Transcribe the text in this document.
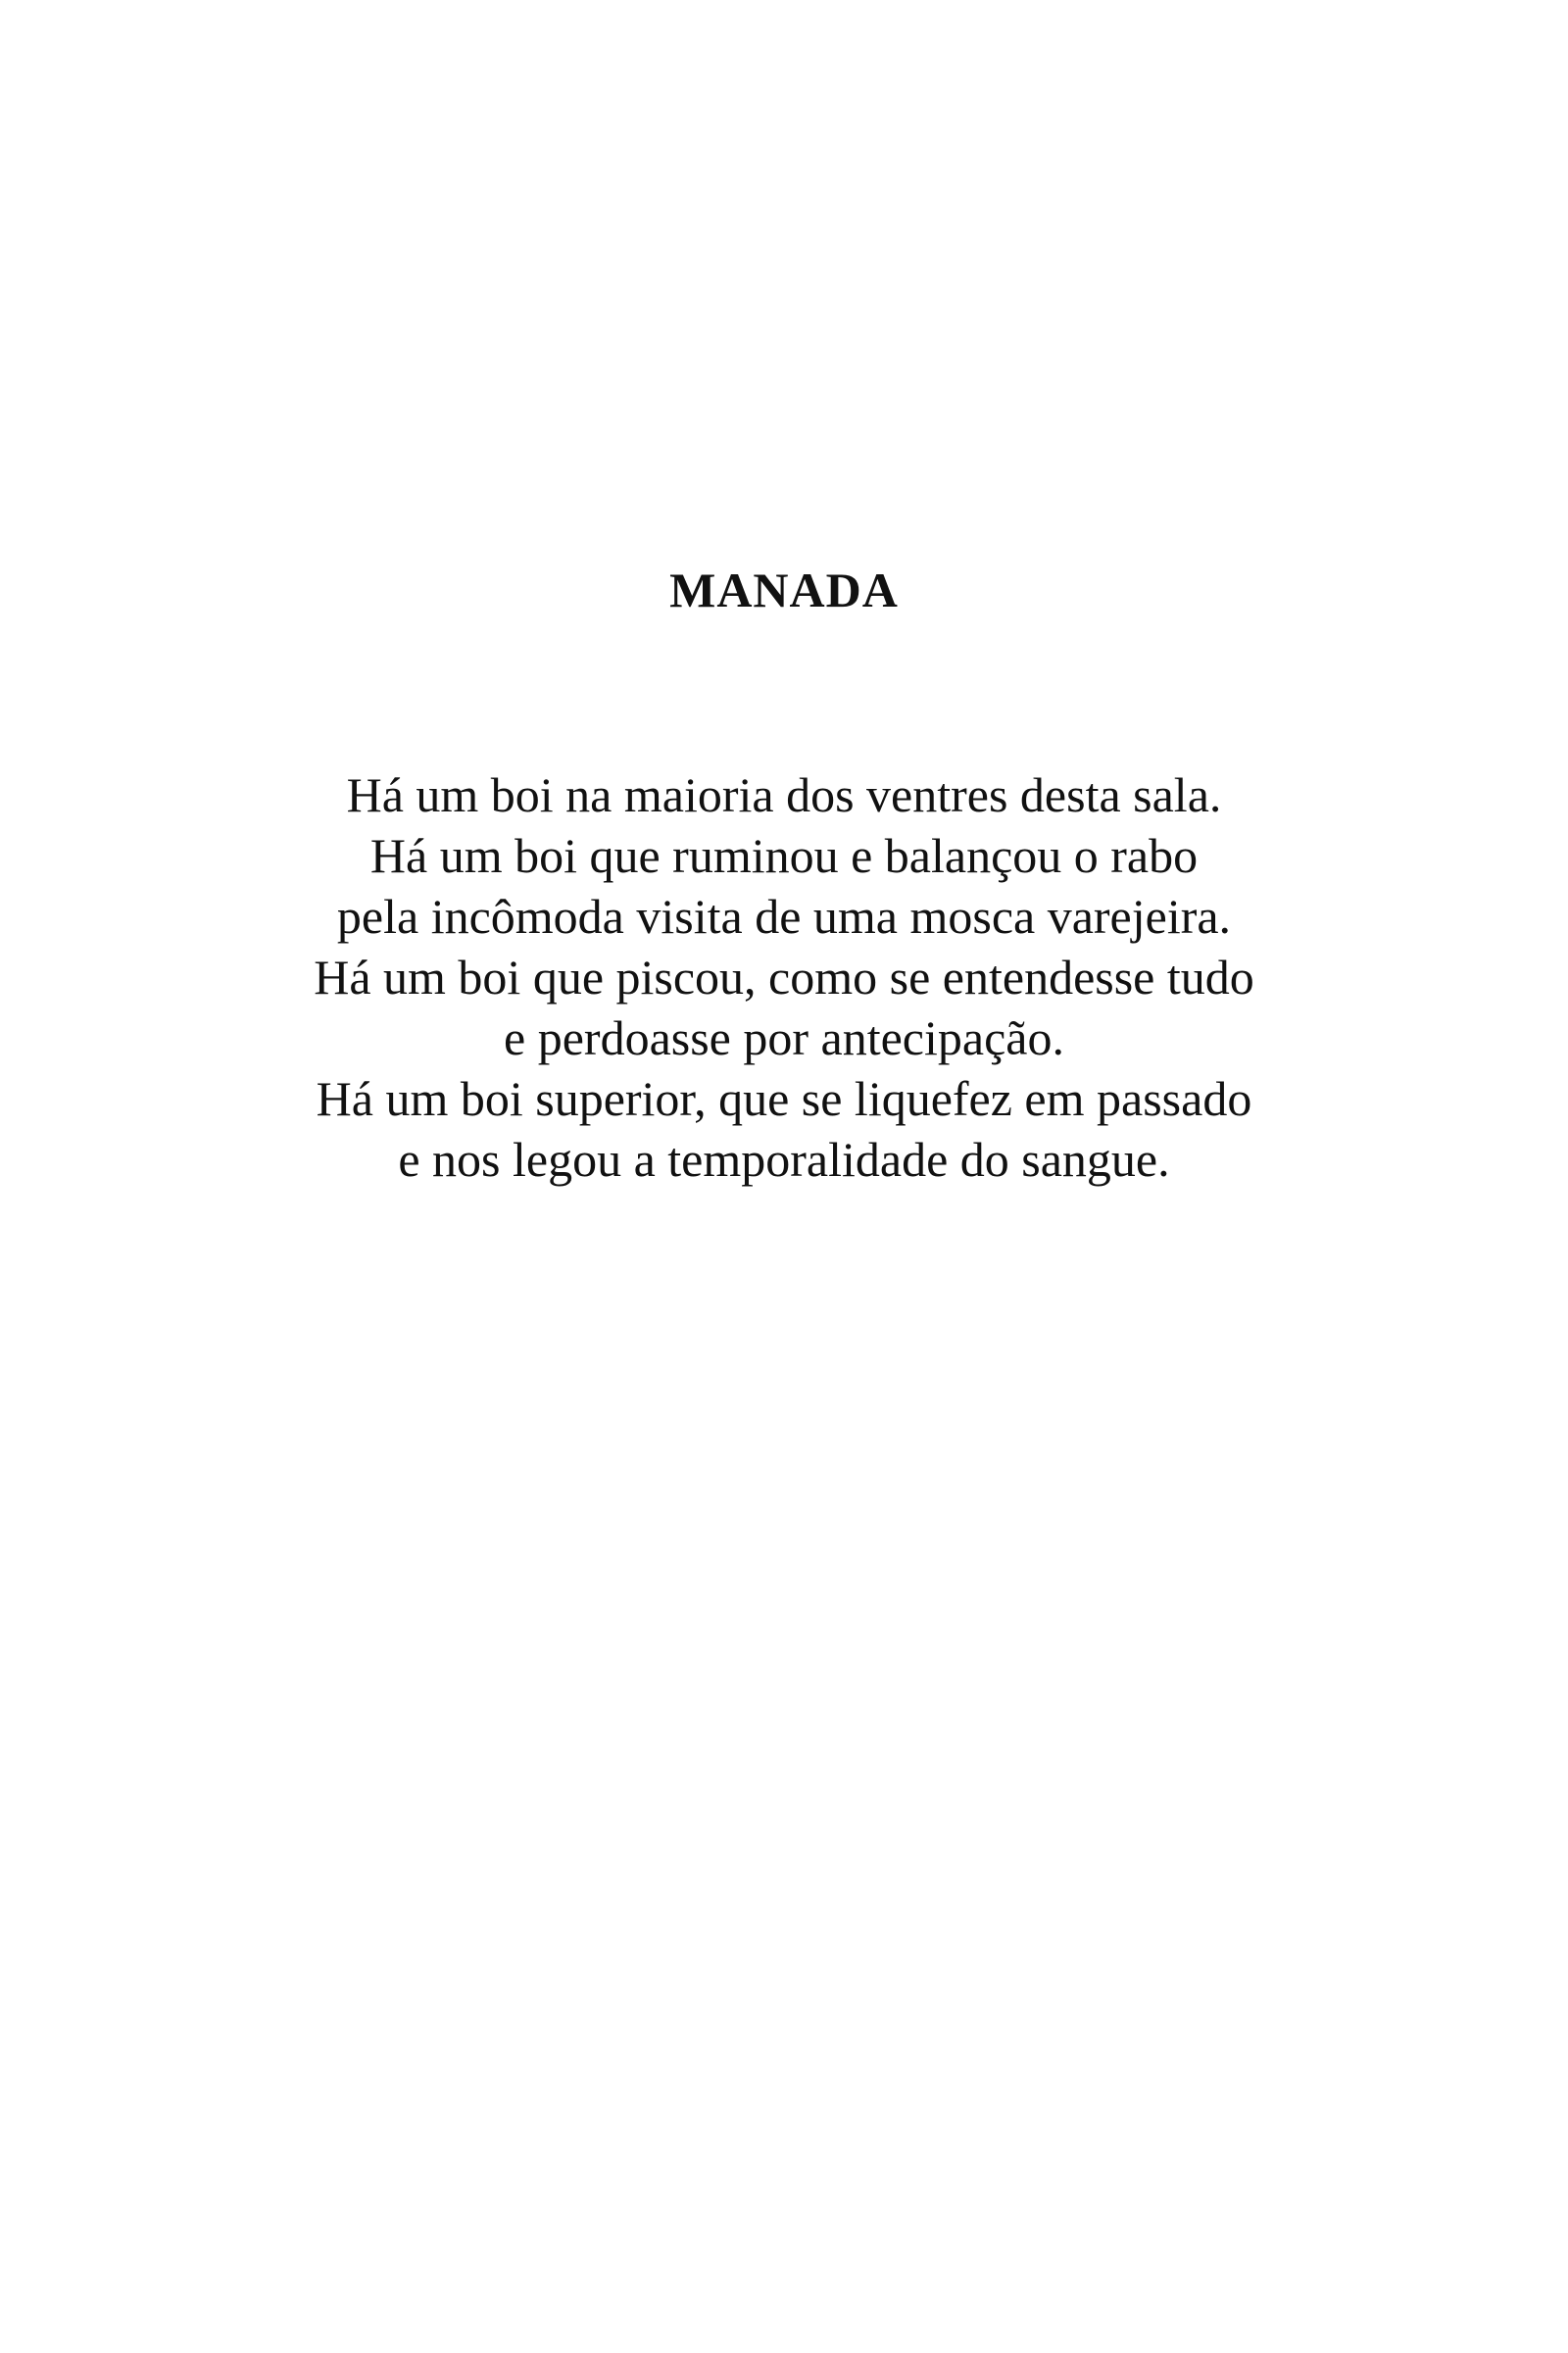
MANADA
Há um boi na maioria dos ventres desta sala.
Há um boi que ruminou e balançou o rabo
pela incômoda visita de uma mosca varejeira.
Há um boi que piscou, como se entendesse tudo
e perdoasse por antecipação.
Há um boi superior, que se liquefez em passado
e nos legou a temporalidade do sangue.
